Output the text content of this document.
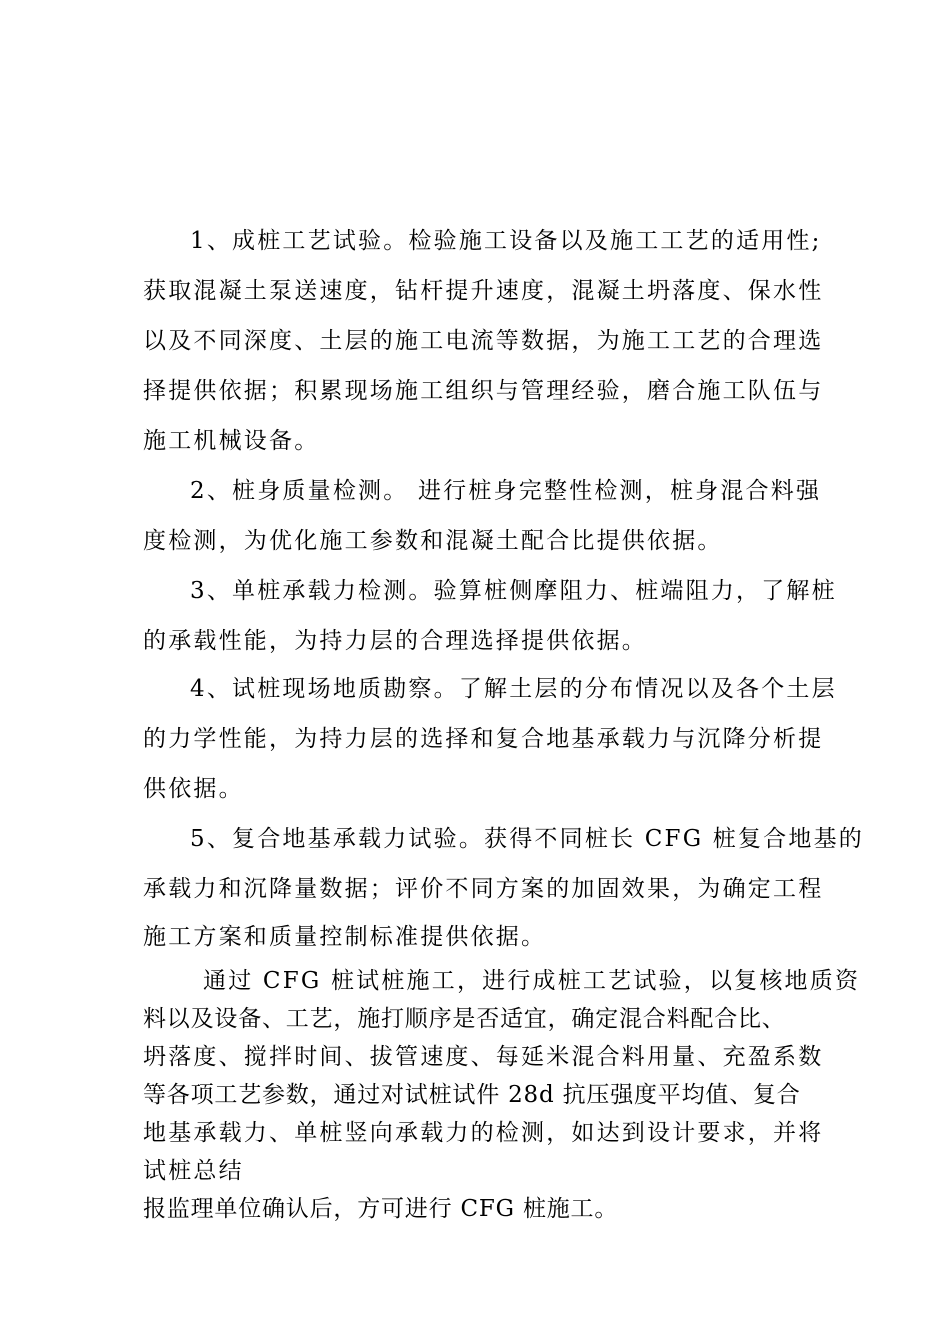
1、成桩工艺试验。检验施工设备以及施工工艺的适用性;
获取混凝土泵送速度，钻杆提升速度，混凝土坍落度、保水性
以及不同深度、土层的施工电流等数据，为施工工艺的合理选
择提供依据；积累现场施工组织与管理经验，磨合施工队伍与
施工机械设备。
2、桩身质量检测。 进行桩身完整性检测，桩身混合料强
度检测，为优化施工参数和混凝土配合比提供依据。
3、单桩承载力检测。验算桩侧摩阻力、桩端阻力，了解桩
的承载性能，为持力层的合理选择提供依据。
4、试桩现场地质勘察。了解土层的分布情况以及各个土层
的力学性能，为持力层的选择和复合地基承载力与沉降分析提
供依据。
5、复合地基承载力试验。获得不同桩长 CFG 桩复合地基的
承载力和沉降量数据；评价不同方案的加固效果，为确定工程
施工方案和质量控制标准提供依据。
通过 CFG 桩试桩施工，进行成桩工艺试验，以复核地质资
料以及设备、工艺，施打顺序是否适宜，确定混合料配合比、
坍落度、搅拌时间、拔管速度、每延米混合料用量、充盈系数
等各项工艺参数，通过对试桩试件 28d 抗压强度平均值、复合
地基承载力、单桩竖向承载力的检测，如达到设计要求，并将
试桩总结
报监理单位确认后，方可进行 CFG 桩施工。
